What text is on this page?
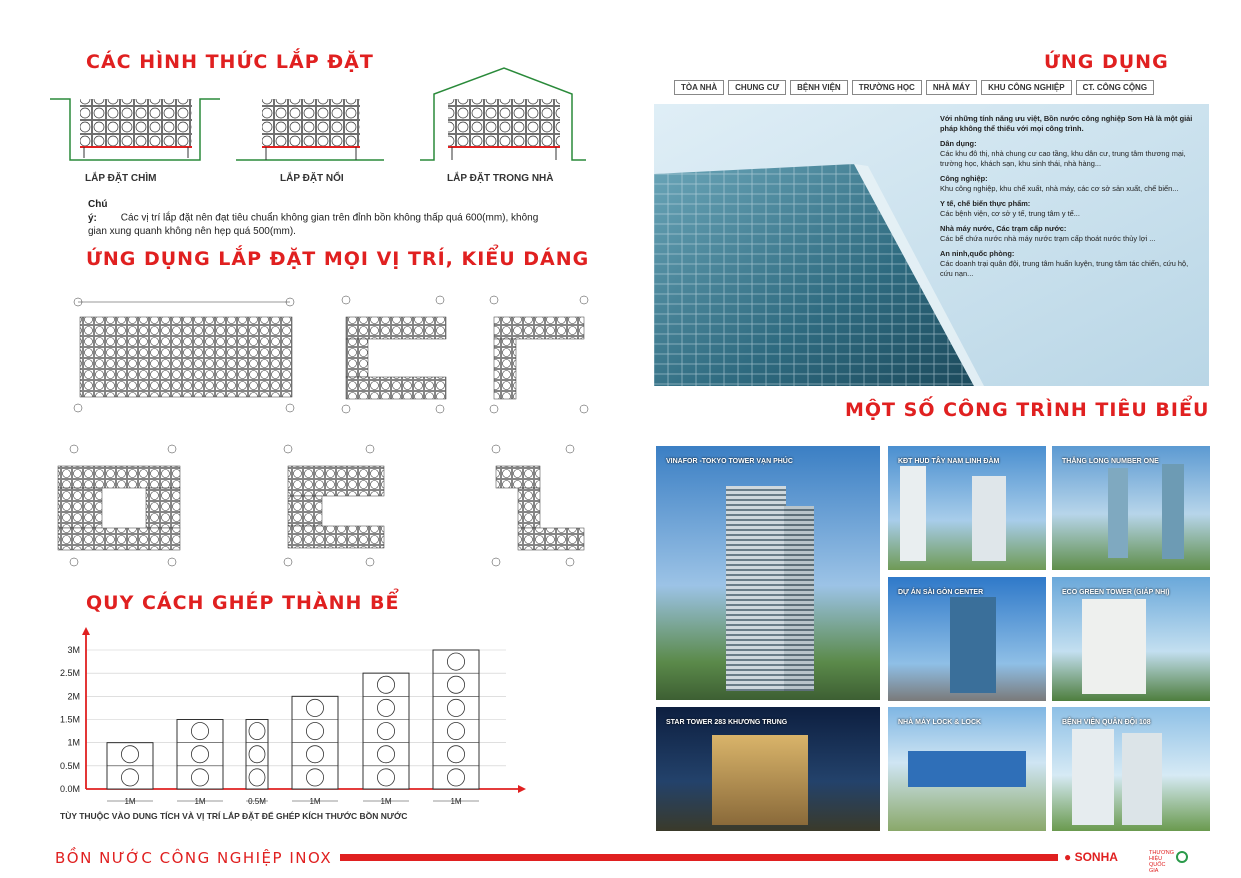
CÁC HÌNH THỨC LẮP ĐẶT
LẮP ĐẶT CHÌM	LẮP ĐẶT NỔI	LẮP ĐẶT TRONG NHÀ
Chú ý: Các vị trí lắp đặt nên đạt tiêu chuẩn không gian trên đỉnh bồn không thấp quá 600(mm), không gian xung quanh không nên hẹp quá 500(mm).
ỨNG DỤNG LẮP ĐẶT MỌI VỊ TRÍ, KIỂU DÁNG
QUY CÁCH GHÉP THÀNH BỂ
0.0M
0.5M
1M
1.5M
2M
2.5M
3M
1M	1M	0.5M	1M	1M	1M
TÙY THUỘC VÀO DUNG TÍCH VÀ VỊ TRÍ LẮP ĐẶT ĐỂ GHÉP KÍCH THƯỚC BỒN NƯỚC
ỨNG DỤNG
TÒA NHÀ	CHUNG CƯ	BỆNH VIỆN	TRƯỜNG HỌC	NHÀ MÁY	KHU CÔNG NGHIỆP	CT. CÔNG CỘNG

Với những tính năng ưu việt, Bồn nước công nghiệp Sơn Hà là một giải pháp không thể thiếu với mọi công trình.

Dân dụng:
Các khu đô thị, nhà chung cư cao tầng, khu dân cư, trung tâm thương mại, trường học, khách sạn, khu sinh thái, nhà hàng...

Công nghiệp:
Khu công nghiệp, khu chế xuất, nhà máy, các cơ sở sản xuất, chế biến...

Y tế, chế biến thực phẩm:
Các bệnh viện, cơ sở y tế, trung tâm y tế...

Nhà máy nước, Các trạm cấp nước:
Các bể chứa nước nhà máy nước trạm cấp thoát nước thủy lợi ...

An ninh,quốc phòng:
Các doanh trại quân đội, trung tâm huấn luyện, trung tâm tác chiến, cứu hộ, cứu nạn...

MỘT SỐ CÔNG TRÌNH TIÊU BIỂU
VINAFOR -TOKYO TOWER VẠN PHÚC	KĐT HUD TÂY NAM LINH ĐÀM	THĂNG LONG NUMBER ONE
DỰ ÁN SÀI GÒN CENTER	ECO GREEN TOWER (GIÁP NHỊ)
STAR TOWER 283 KHƯƠNG TRUNG	NHÀ MÁY LOCK & LOCK	BỆNH VIỆN QUÂN ĐỘI 108
BỒN NƯỚC CÔNG NGHIỆP INOX	● SONHA	THƯƠNG HIỆU QUỐC GIA
